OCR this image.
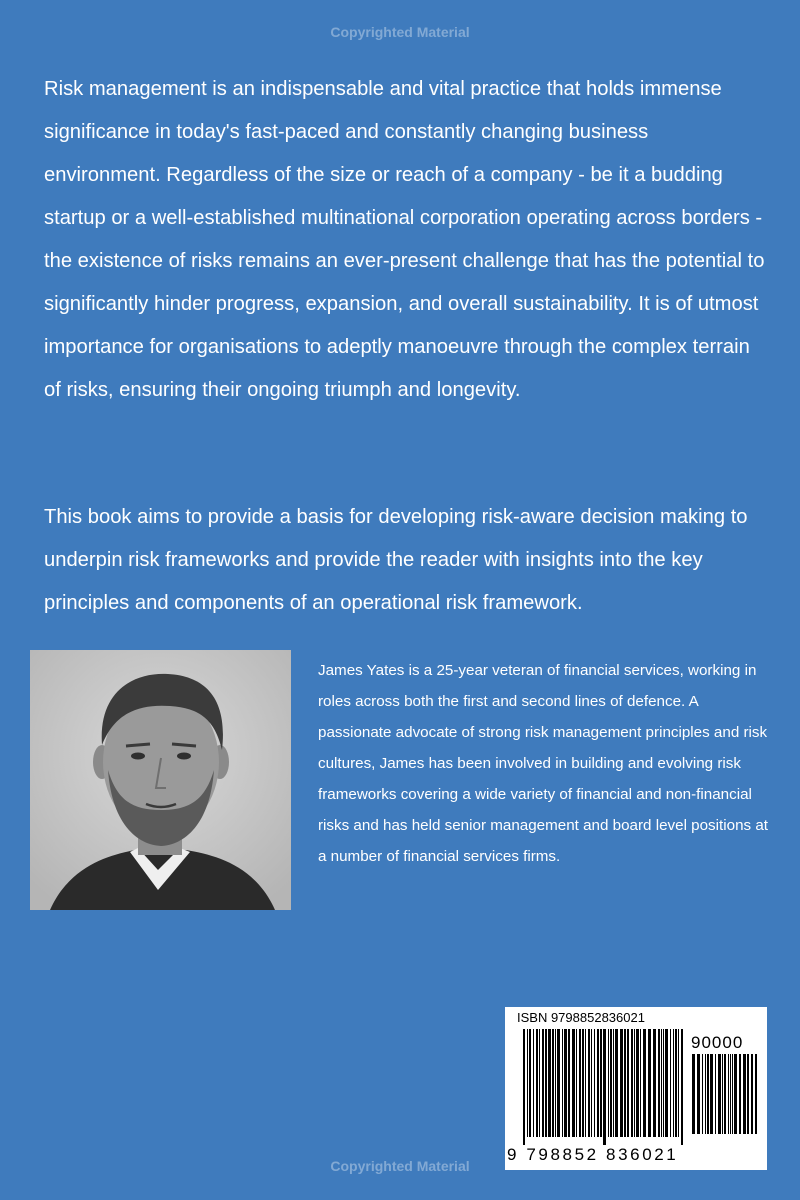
Copyrighted Material

Risk management is an indispensable and vital practice that holds immense significance in today's fast-paced and constantly changing business environment. Regardless of the size or reach of a company - be it a budding startup or a well-established multinational corporation operating across borders - the existence of risks remains an ever-present challenge that has the potential to significantly hinder progress, expansion, and overall sustainability. It is of utmost importance for organisations to adeptly manoeuvre through the complex terrain of risks, ensuring their ongoing triumph and longevity.

This book aims to provide a basis for developing risk-aware decision making to underpin risk frameworks and provide the reader with insights into the key principles and components of an operational risk framework.

James Yates is a 25-year veteran of financial services, working in roles across both the first and second lines of defence. A passionate advocate of strong risk management principles and risk cultures, James has been involved in building and evolving risk frameworks covering a wide variety of financial and non-financial risks and has held senior management and board level positions at a number of financial services firms.

ISBN 9798852836021
90000
9 798852 836021
Copyrighted Material
